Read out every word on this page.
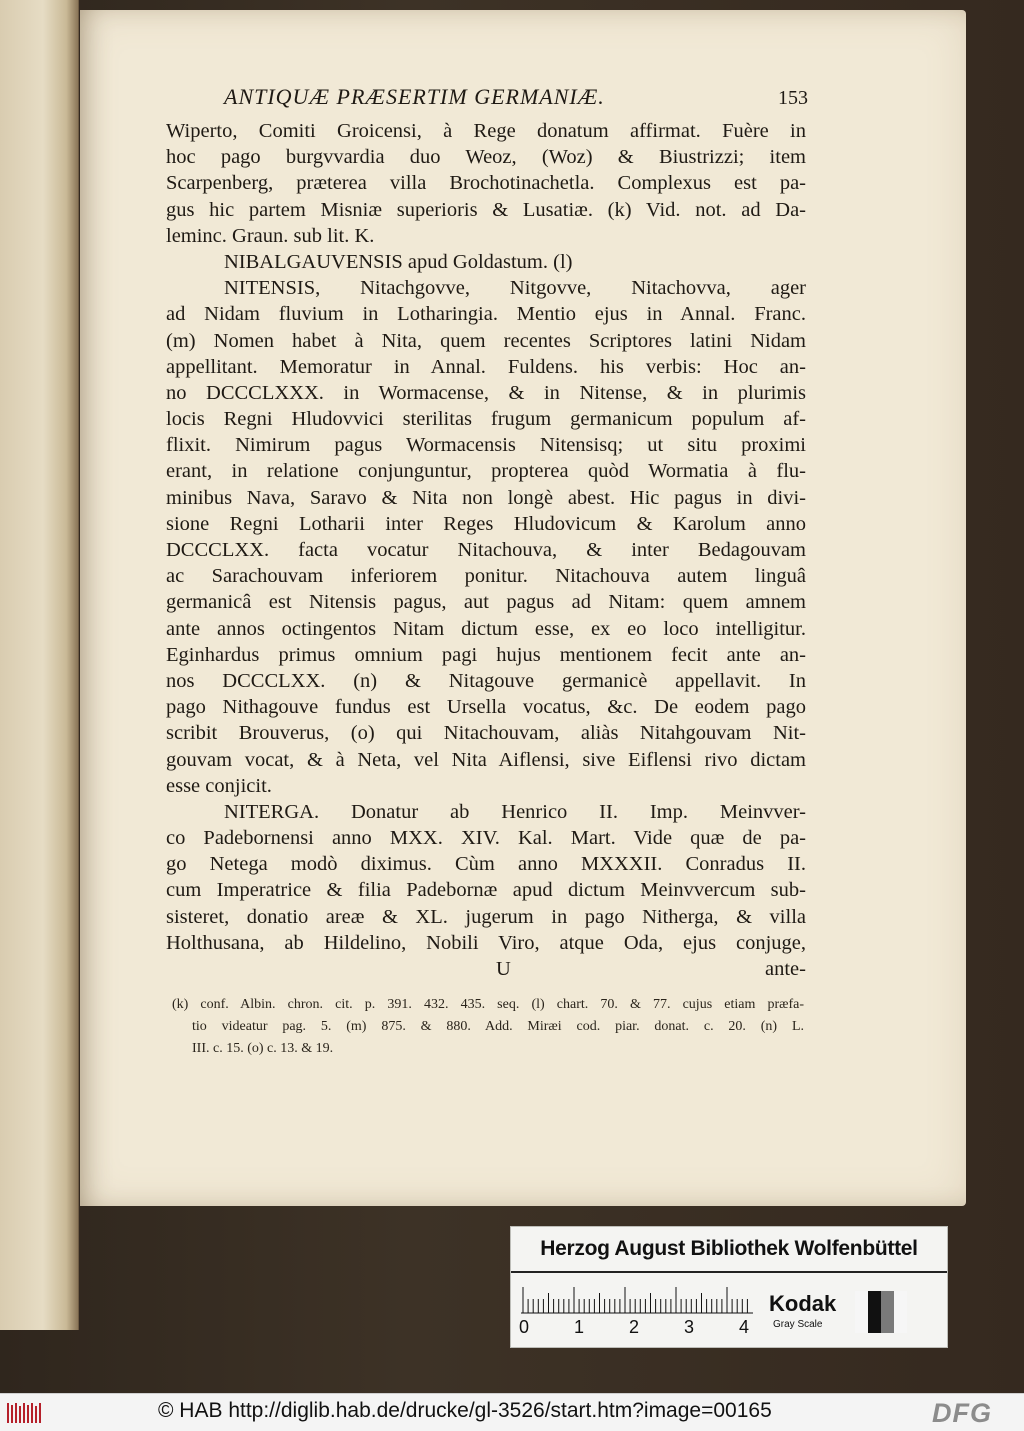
ANTIQUÆ PRÆSERTIM GERMANIÆ.	153
Wiperto, Comiti Groicensi, à Rege donatum affirmat. Fuère in
hoc pago burgvvardia duo Weoz, (Woz) & Biustrizzi; item
Scarpenberg, præterea villa Brochotinachetla. Complexus est pa-
gus hic partem Misniæ superioris & Lusatiæ. (k) Vid. not. ad Da-
leminc. Graun. sub lit. K.
NIBALGAUVENSIS apud Goldastum. (l)
NITENSIS, Nitachgovve, Nitgovve, Nitachovva, ager
ad Nidam fluvium in Lotharingia. Mentio ejus in Annal. Franc.
(m) Nomen habet à Nita, quem recentes Scriptores latini Nidam
appellitant. Memoratur in Annal. Fuldens. his verbis: Hoc an-
no DCCCLXXX. in Wormacense, & in Nitense, & in plurimis
locis Regni Hludovvici sterilitas frugum germanicum populum af-
flixit. Nimirum pagus Wormacensis Nitensisq; ut situ proximi
erant, in relatione conjunguntur, propterea quòd Wormatia à flu-
minibus Nava, Saravo & Nita non longè abest. Hic pagus in divi-
sione Regni Lotharii inter Reges Hludovicum & Karolum anno
DCCCLXX. facta vocatur Nitachouva, & inter Bedagouvam
ac Sarachouvam inferiorem ponitur. Nitachouva autem linguâ
germanicâ est Nitensis pagus, aut pagus ad Nitam: quem amnem
ante annos octingentos Nitam dictum esse, ex eo loco intelligitur.
Eginhardus primus omnium pagi hujus mentionem fecit ante an-
nos DCCCLXX. (n) & Nitagouve germanicè appellavit. In
pago Nithagouve fundus est Ursella vocatus, &c. De eodem pago
scribit Brouverus, (o) qui Nitachouvam, aliàs Nitahgouvam Nit-
gouvam vocat, & à Neta, vel Nita Aiflensi, sive Eiflensi rivo dictam
esse conjicit.
NITERGA. Donatur ab Henrico II. Imp. Meinvver-
co Padebornensi anno MXX. XIV. Kal. Mart. Vide quæ de pa-
go Netega modò diximus. Cùm anno MXXXII. Conradus II.
cum Imperatrice & filia Padebornæ apud dictum Meinvvercum sub-
sisteret, donatio areæ & XL. jugerum in pago Nitherga, & villa
Holthusana, ab Hildelino, Nobili Viro, atque Oda, ejus conjuge,
U	ante-
(k) conf. Albin. chron. cit. p. 391. 432. 435. seq. (l) chart. 70. & 77. cujus etiam præfa-
tio videatur pag. 5. (m) 875. & 880. Add. Miræi cod. piar. donat. c. 20. (n) L.
III. c. 15. (o) c. 13. & 19.
Herzog August Bibliothek Wolfenbüttel
0 1 2 3 4
Kodak
Gray Scale
© HAB http://diglib.hab.de/drucke/gl-3526/start.htm?image=00165	DFG
